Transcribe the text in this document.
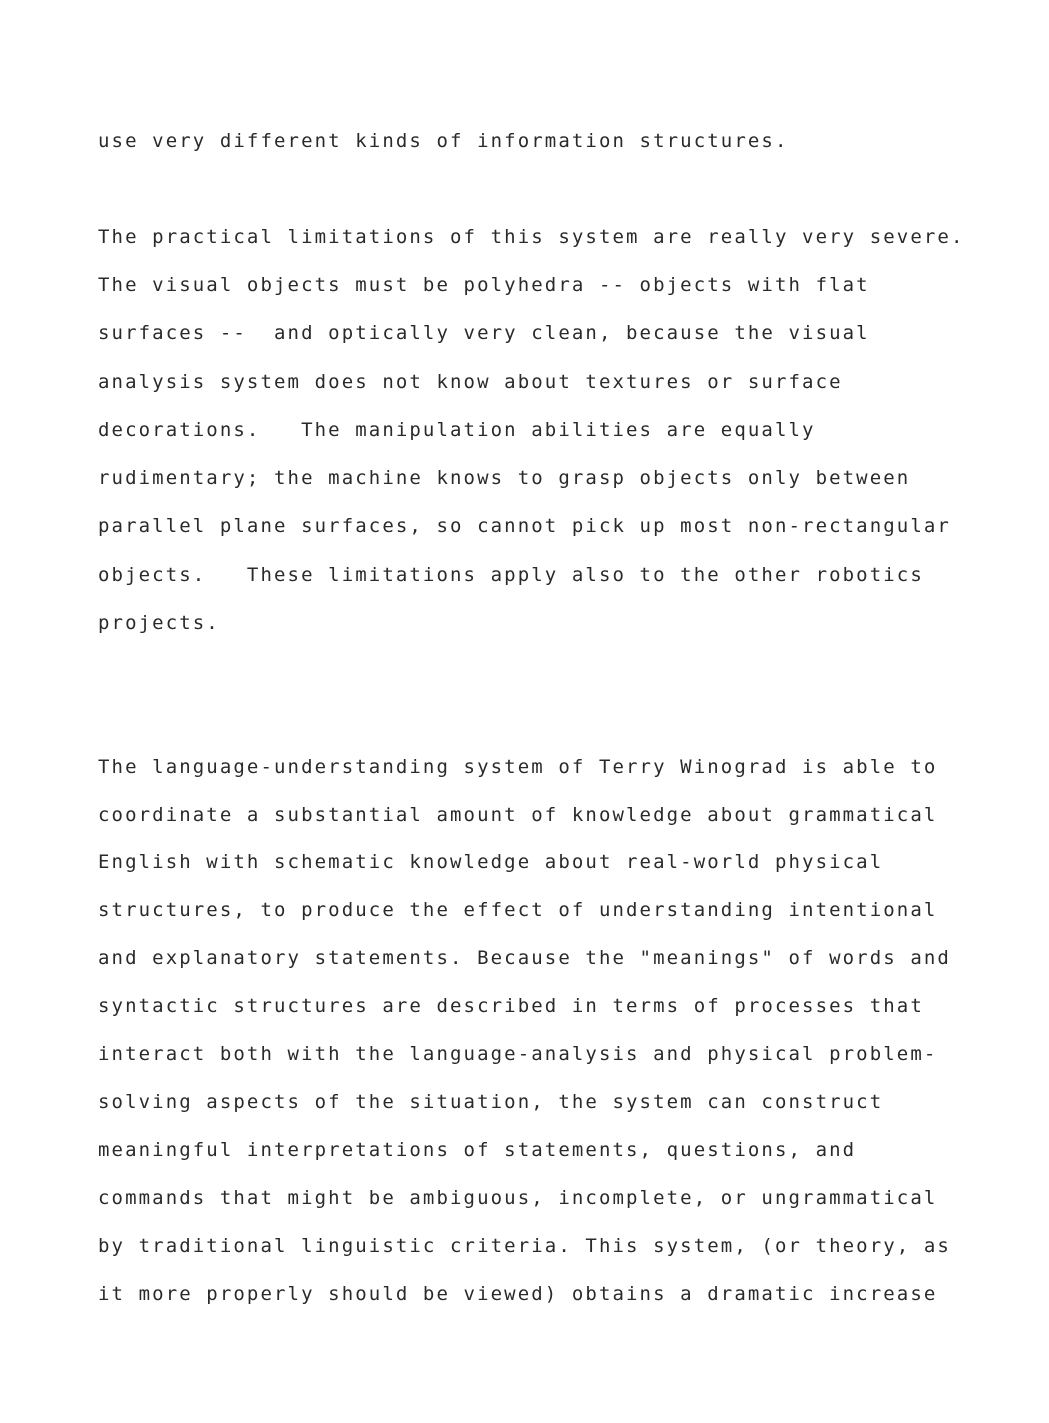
use very different kinds of information structures.
The practical limitations of this system are really very severe.
The visual objects must be polyhedra -- objects with flat
surfaces --  and optically very clean, because the visual
analysis system does not know about textures or surface
decorations.   The manipulation abilities are equally
rudimentary; the machine knows to grasp objects only between
parallel plane surfaces, so cannot pick up most non-rectangular
objects.   These limitations apply also to the other robotics
projects.
The language-understanding system of Terry Winograd is able to
coordinate a substantial amount of knowledge about grammatical
English with schematic knowledge about real-world physical
structures, to produce the effect of understanding intentional
and explanatory statements. Because the "meanings" of words and
syntactic structures are described in terms of processes that
interact both with the language-analysis and physical problem-
solving aspects of the situation, the system can construct
meaningful interpretations of statements, questions, and
commands that might be ambiguous, incomplete, or ungrammatical
by traditional linguistic criteria. This system, (or theory, as
it more properly should be viewed) obtains a dramatic increase
